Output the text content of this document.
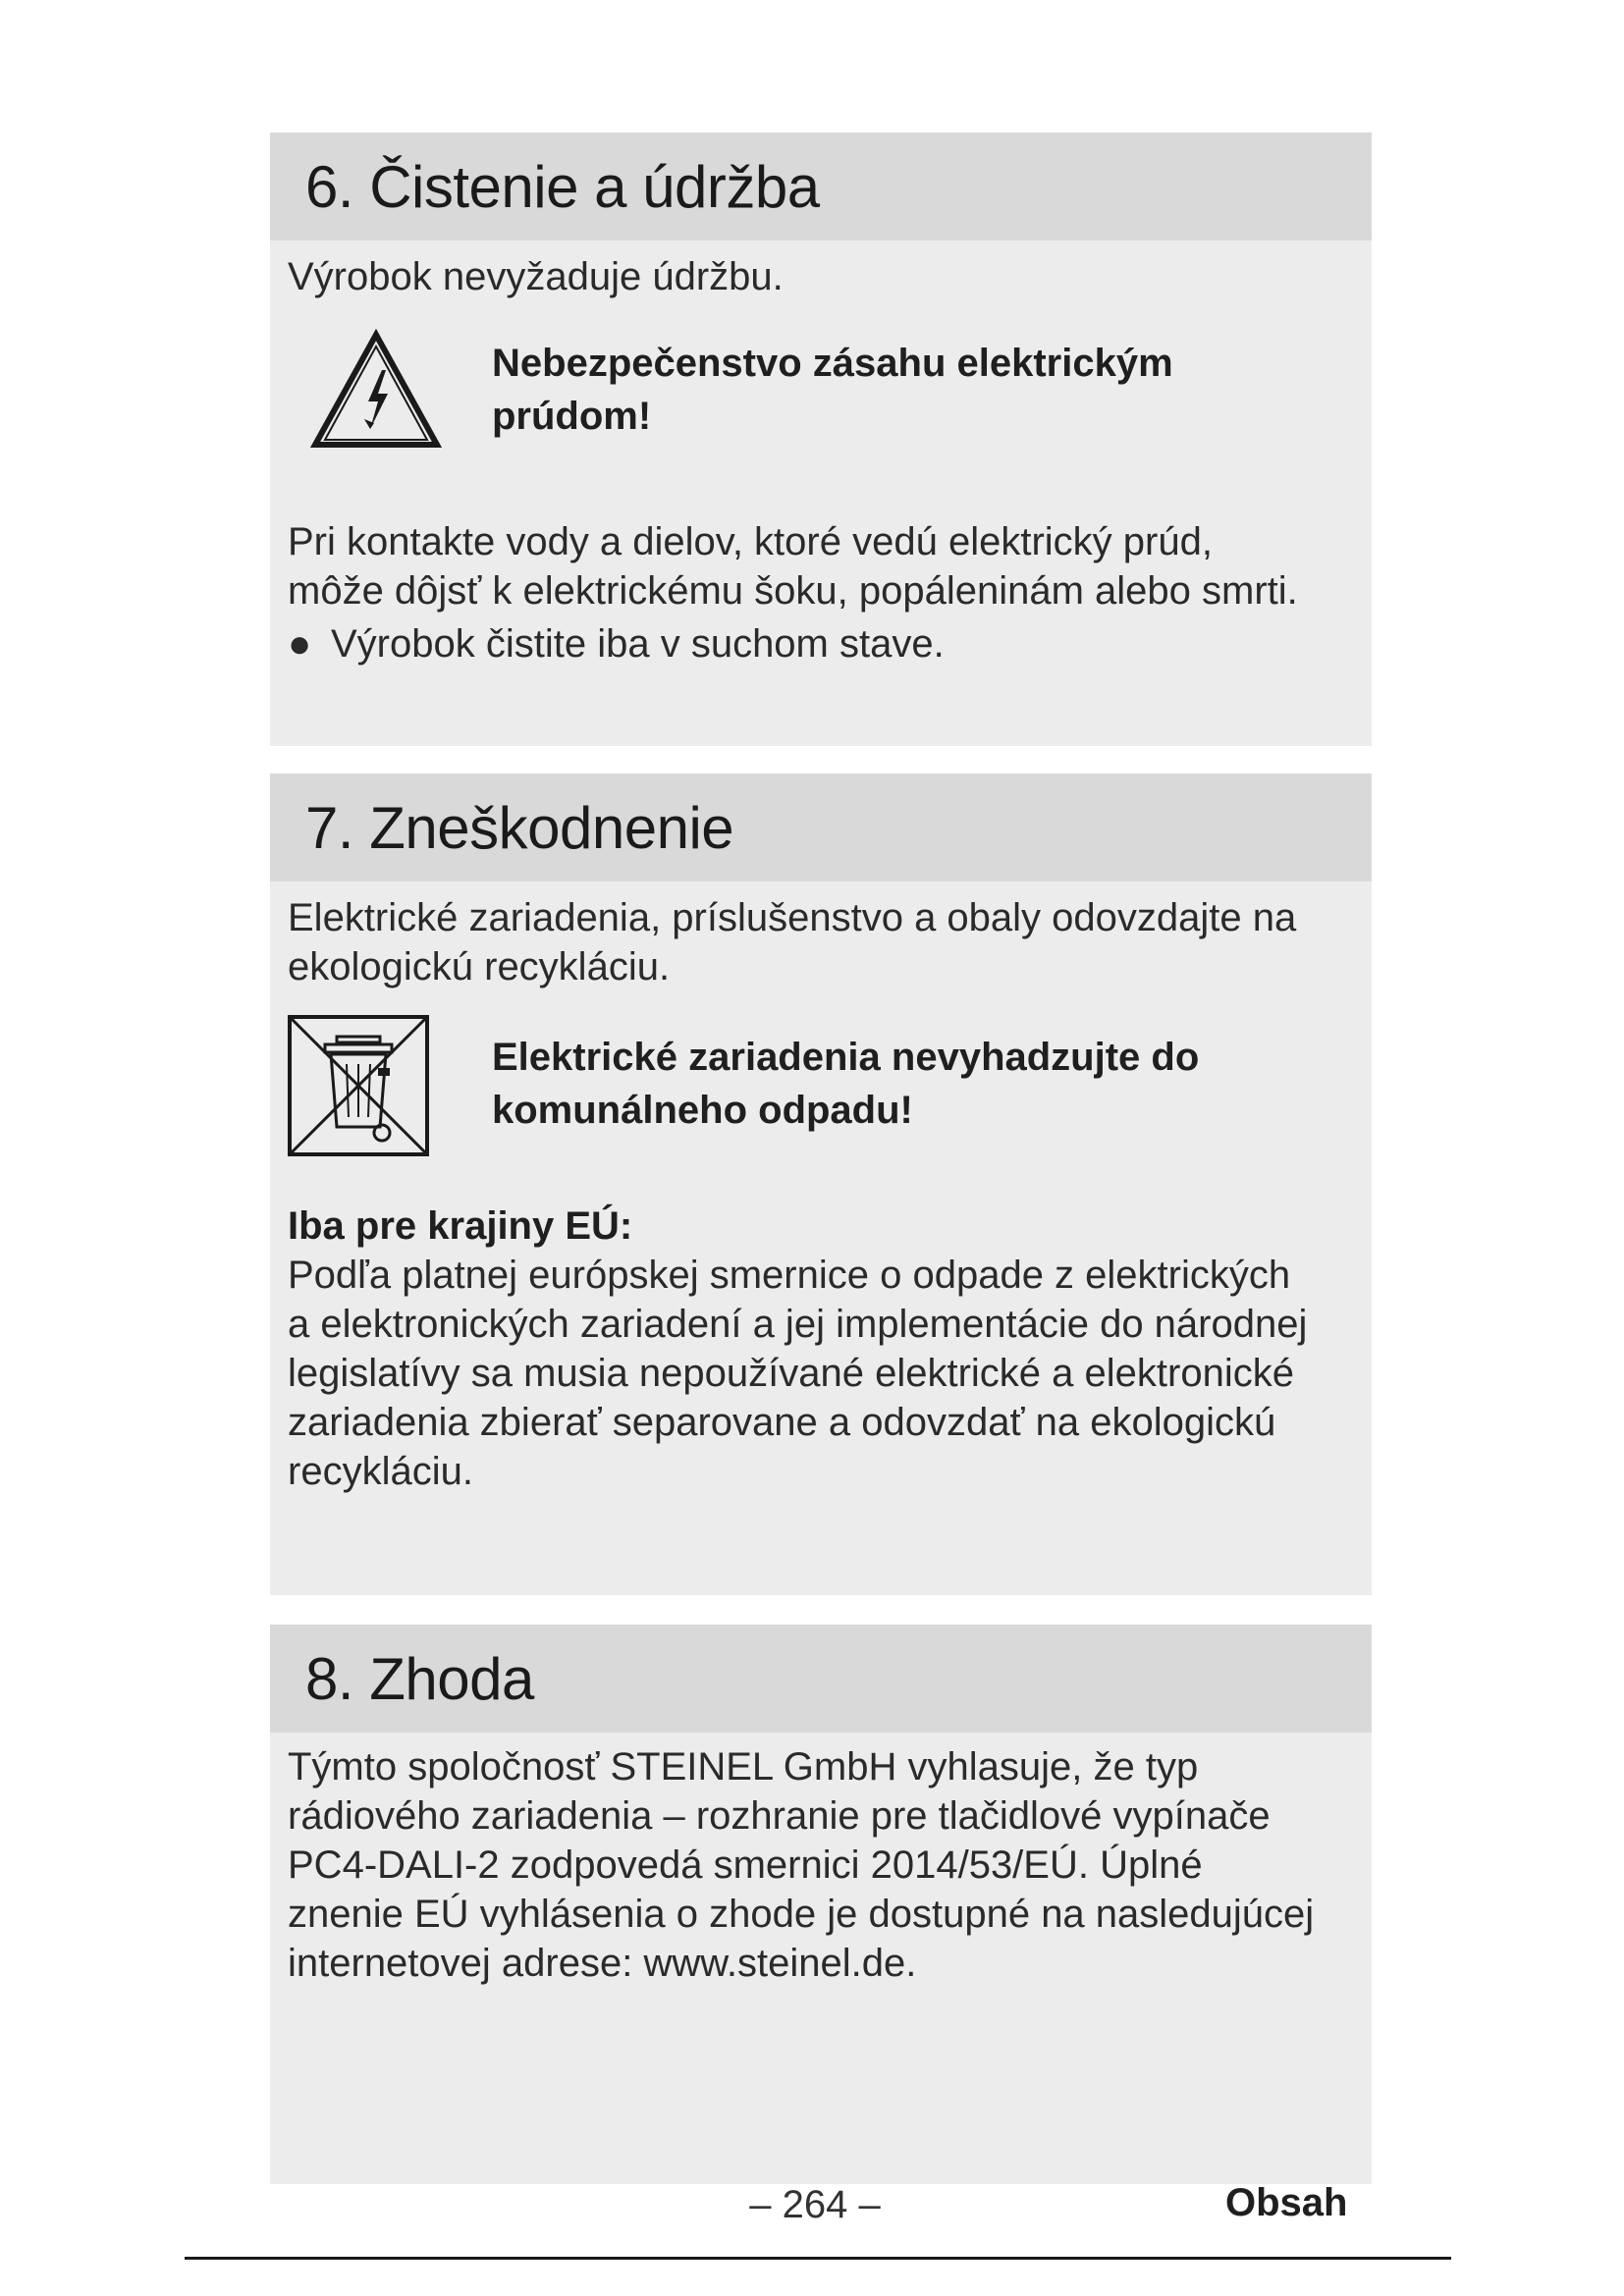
6. Čistenie a údržba

Výrobok nevyžaduje údržbu.

Nebezpečenstvo zásahu elektrickým
prúdom!

Pri kontakte vody a dielov, ktoré vedú elektrický prúd,

môže dôjsť k elektrickému šoku, popáleninám alebo smrti.

● Výrobok čistite iba v suchom stave.
7. Zneškodnenie

Elektrické zariadenia, príslušenstvo a obaly odovzdajte na

ekologickú recykláciu.

Elektrické zariadenia nevyhadzujte do
komunálneho odpadu!

Iba pre krajiny EÚ:

Podľa platnej európskej smernice o odpade z elektrických

a elektronických zariadení a jej implementácie do národnej

legislatívy sa musia nepoužívané elektrické a elektronické

zariadenia zbierať separovane a odovzdať na ekologickú

recykláciu.

8. Zhoda

Týmto spoločnosť STEINEL GmbH vyhlasuje, že typ

rádiového zariadenia – rozhranie pre tlačidlové vypínače

PC4-DALI-2 zodpovedá smernici 2014/53/EÚ. Úplné

znenie EÚ vyhlásenia o zhode je dostupné na nasledujúcej

internetovej adrese: www.steinel.de.

– 264 –	Obsah
